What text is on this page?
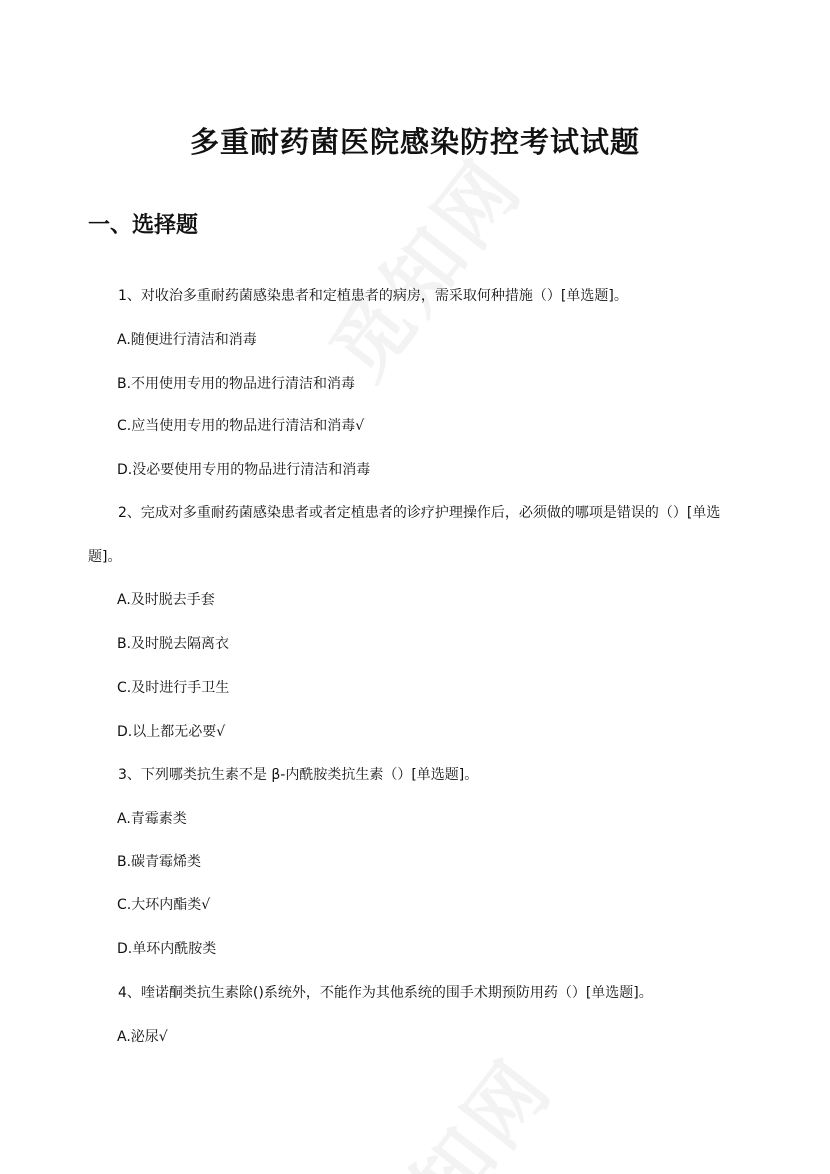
多重耐药菌医院感染防控考试试题
一、选择题

1、对收治多重耐药菌感染患者和定植患者的病房，需采取何种措施（）[单选题]。

A.随便进行清洁和消毒

B.不用使用专用的物品进行清洁和消毒

C.应当使用专用的物品进行清洁和消毒√

D.没必要使用专用的物品进行清洁和消毒

2、完成对多重耐药菌感染患者或者定植患者的诊疗护理操作后，必须做的哪项是错误的（）[单选

题]。

A.及时脱去手套

B.及时脱去隔离衣

C.及时进行手卫生

D.以上都无必要√

3、下列哪类抗生素不是 β-内酰胺类抗生素（）[单选题]。

A.青霉素类

B.碳青霉烯类

C.大环内酯类√

D.单环内酰胺类

4、喹诺酮类抗生素除()系统外，不能作为其他系统的围手术期预防用药（）[单选题]。

A.泌尿√
